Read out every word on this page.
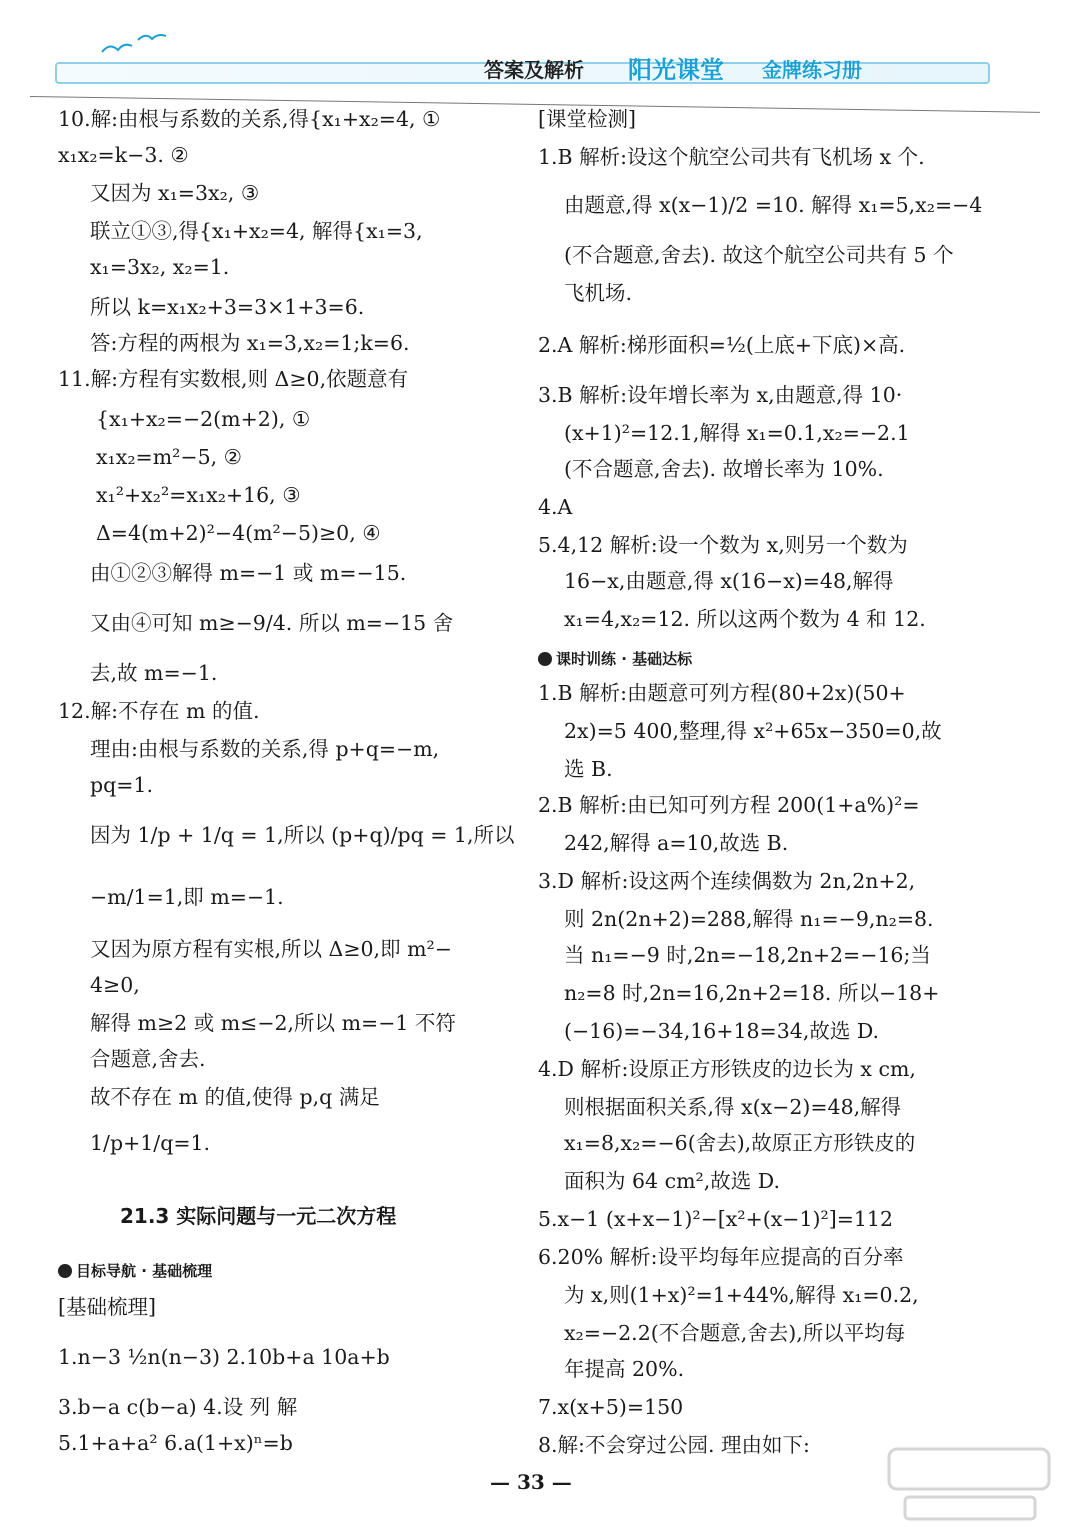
答案及解析 阳光课堂 金牌练习册
10.解:由根与系数的关系,得{x₁+x₂=4, ①
x₁x₂=k−3. ②
又因为 x₁=3x₂, ③
联立①③,得{x₁+x₂=4, 解得{x₁=3,
x₁=3x₂, x₂=1.
所以 k=x₁x₂+3=3×1+3=6.
答:方程的两根为 x₁=3,x₂=1;k=6.
11.解:方程有实数根,则 Δ≥0,依题意有
{x₁+x₂=−2(m+2), ①
x₁x₂=m²−5, ②
x₁²+x₂²=x₁x₂+16, ③
Δ=4(m+2)²−4(m²−5)≥0, ④
由①②③解得 m=−1 或 m=−15.
又由④可知 m≥−9/4. 所以 m=−15 舍
去,故 m=−1.
12.解:不存在 m 的值.
理由:由根与系数的关系,得 p+q=−m,
pq=1.
因为 1/p + 1/q = 1,所以 (p+q)/pq = 1,所以
−m/1=1,即 m=−1.
又因为原方程有实根,所以 Δ≥0,即 m²−
4≥0,
解得 m≥2 或 m≤−2,所以 m=−1 不符
合题意,舍去.
故不存在 m 的值,使得 p,q 满足
1/p+1/q=1.
21.3 实际问题与一元二次方程
目标导航 · 基础梳理
[基础梳理]
1.n−3 ½n(n−3) 2.10b+a 10a+b
3.b−a c(b−a) 4.设 列 解
5.1+a+a² 6.a(1+x)ⁿ=b
[课堂检测]
1.B 解析:设这个航空公司共有飞机场 x 个.
由题意,得 x(x−1)/2 =10. 解得 x₁=5,x₂=−4
(不合题意,舍去). 故这个航空公司共有 5 个
飞机场.
2.A 解析:梯形面积=½(上底+下底)×高.
3.B 解析:设年增长率为 x,由题意,得 10·
(x+1)²=12.1,解得 x₁=0.1,x₂=−2.1
(不合题意,舍去). 故增长率为 10%.
4.A
5.4,12 解析:设一个数为 x,则另一个数为
16−x,由题意,得 x(16−x)=48,解得
x₁=4,x₂=12. 所以这两个数为 4 和 12.
课时训练 · 基础达标
1.B 解析:由题意可列方程(80+2x)(50+
2x)=5 400,整理,得 x²+65x−350=0,故
选 B.
2.B 解析:由已知可列方程 200(1+a%)²=
242,解得 a=10,故选 B.
3.D 解析:设这两个连续偶数为 2n,2n+2,
则 2n(2n+2)=288,解得 n₁=−9,n₂=8.
当 n₁=−9 时,2n=−18,2n+2=−16;当
n₂=8 时,2n=16,2n+2=18. 所以−18+
(−16)=−34,16+18=34,故选 D.
4.D 解析:设原正方形铁皮的边长为 x cm,
则根据面积关系,得 x(x−2)=48,解得
x₁=8,x₂=−6(舍去),故原正方形铁皮的
面积为 64 cm²,故选 D.
5.x−1 (x+x−1)²−[x²+(x−1)²]=112
6.20% 解析:设平均每年应提高的百分率
为 x,则(1+x)²=1+44%,解得 x₁=0.2,
x₂=−2.2(不合题意,舍去),所以平均每
年提高 20%.
7.x(x+5)=150
8.解:不会穿过公园. 理由如下:
— 33 —
